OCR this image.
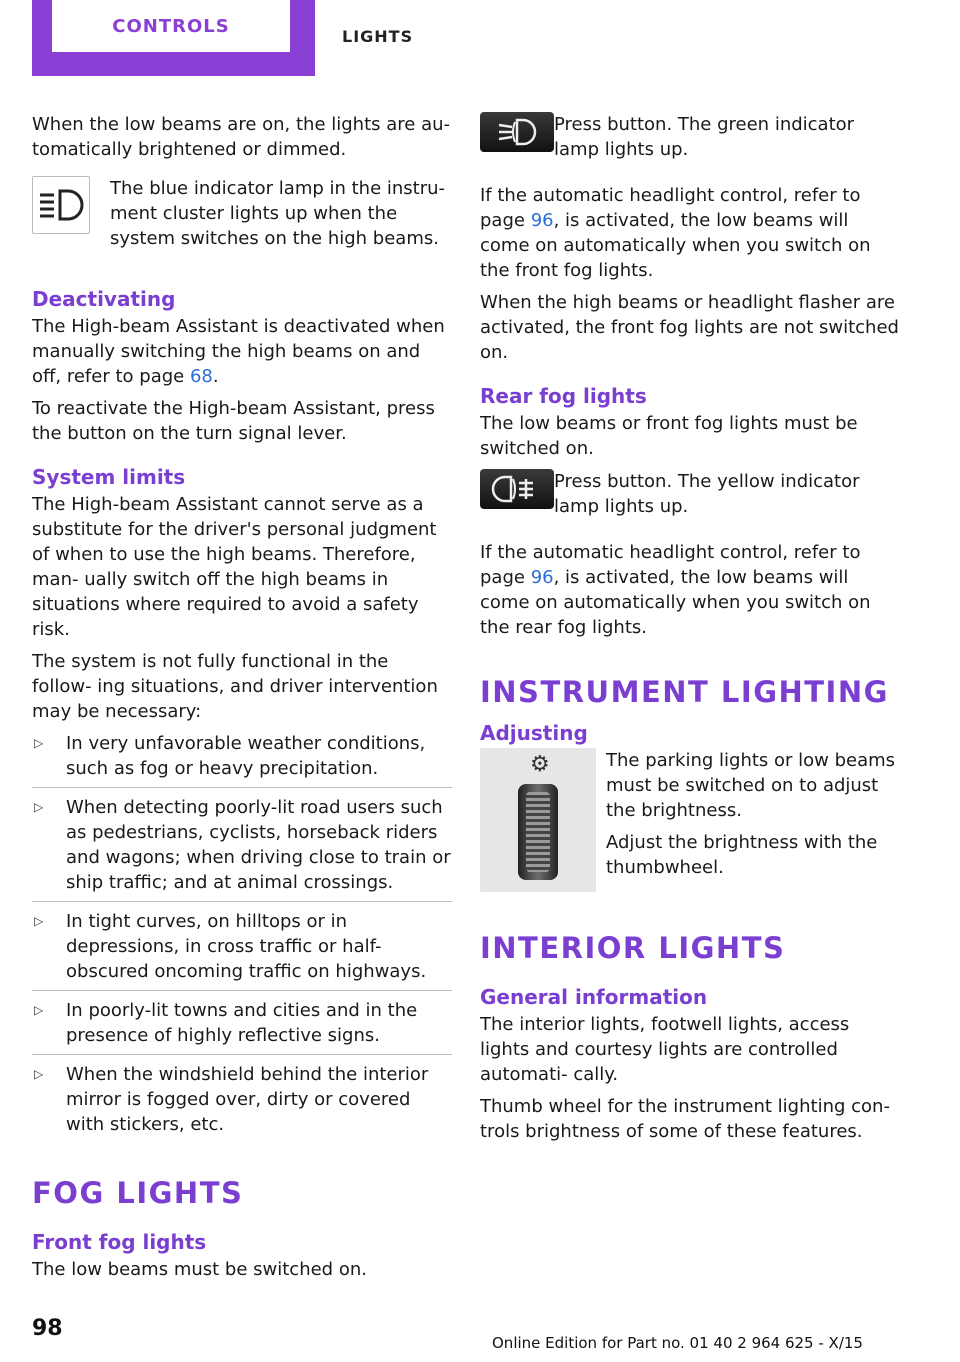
CONTROLS	LIGHTS

When the low beams are on, the lights are au‐ tomatically brightened or dimmed.

The blue indicator lamp in the instru‐ ment cluster lights up when the system switches on the high beams.

Deactivating

The High-beam Assistant is deactivated when manually switching the high beams on and off, refer to page 68.

To reactivate the High-beam Assistant, press the button on the turn signal lever.

System limits

The High-beam Assistant cannot serve as a substitute for the driver's personal judgment of when to use the high beams. Therefore, man‐ ually switch off the high beams in situations where required to avoid a safety risk.

The system is not fully functional in the follow‐ ing situations, and driver intervention may be necessary:

▷ In very unfavorable weather conditions, such as fog or heavy precipitation.
▷ When detecting poorly-lit road users such as pedestrians, cyclists, horseback riders and wagons; when driving close to train or ship traffic; and at animal crossings.
▷ In tight curves, on hilltops or in depressions, in cross traffic or half-obscured oncoming traffic on highways.
▷ In poorly-lit towns and cities and in the presence of highly reflective signs.
▷ When the windshield behind the interior mirror is fogged over, dirty or covered with stickers, etc.
FOG LIGHTS
Front fog lights

The low beams must be switched on.

Press button. The green indicator lamp lights up.

If the automatic headlight control, refer to page 96, is activated, the low beams will come on automatically when you switch on the front fog lights.

When the high beams or headlight flasher are activated, the front fog lights are not switched on.

Rear fog lights

The low beams or front fog lights must be switched on.

Press button. The yellow indicator lamp lights up.

If the automatic headlight control, refer to page 96, is activated, the low beams will come on automatically when you switch on the rear fog lights.

INSTRUMENT LIGHTING
Adjusting
⚙	The parking lights or low beams must be switched on to adjust the brightness.

Adjust the brightness with the thumbwheel.

INTERIOR LIGHTS
General information

The interior lights, footwell lights, access lights and courtesy lights are controlled automati‐ cally.

Thumb wheel for the instrument lighting con‐ trols brightness of some of these features.

98
Online Edition for Part no. 01 40 2 964 625 - X/15
